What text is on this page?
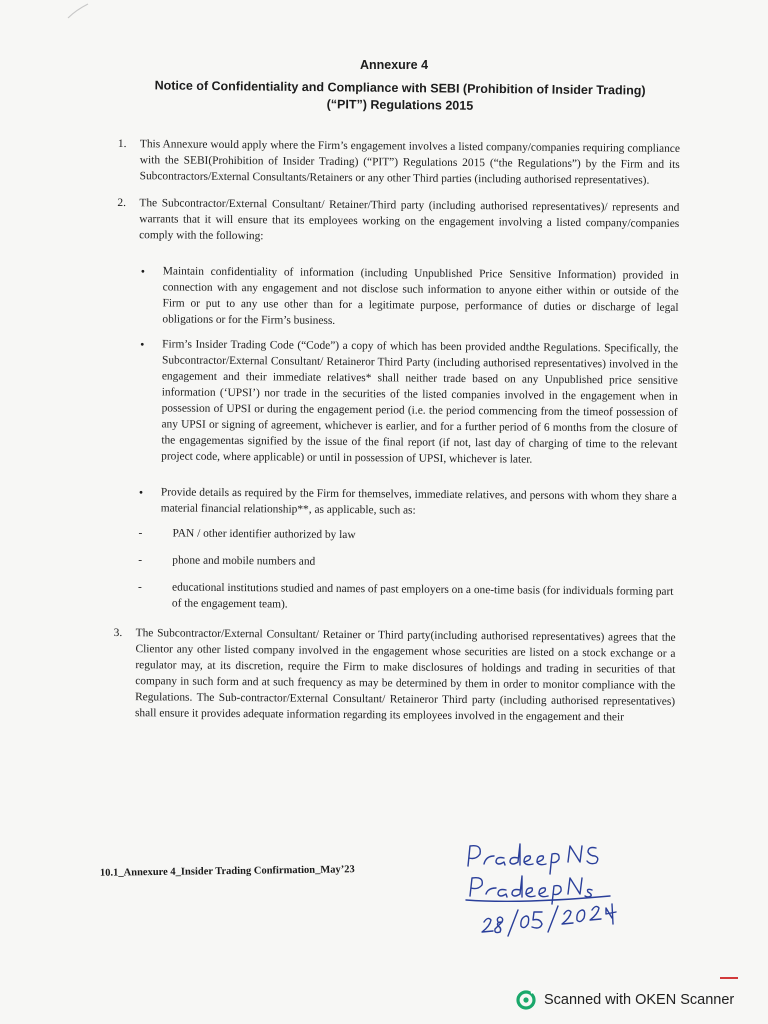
Annexure 4
Notice of Confidentiality and Compliance with SEBI (Prohibition of Insider Trading) (“PIT”) Regulations 2015
1. This Annexure would apply where the Firm’s engagement involves a listed company/companies requiring compliance with the SEBI(Prohibition of Insider Trading) (“PIT”) Regulations 2015 (“the Regulations”) by the Firm and its Subcontractors/External Consultants/Retainers or any other Third parties (including authorised representatives).
2. The Subcontractor/External Consultant/ Retainer/Third party (including authorised representatives)/ represents and warrants that it will ensure that its employees working on the engagement involving a listed company/companies comply with the following:
• Maintain confidentiality of information (including Unpublished Price Sensitive Information) provided in connection with any engagement and not disclose such information to anyone either within or outside of the Firm or put to any use other than for a legitimate purpose, performance of duties or discharge of legal obligations or for the Firm’s business.
• Firm’s Insider Trading Code (“Code”) a copy of which has been provided andthe Regulations. Specifically, the Subcontractor/External Consultant/ Retaineror Third Party (including authorised representatives) involved in the engagement and their immediate relatives* shall neither trade based on any Unpublished price sensitive information (‘UPSI’) nor trade in the securities of the listed companies involved in the engagement when in possession of UPSI or during the engagement period (i.e. the period commencing from the timeof possession of any UPSI or signing of agreement, whichever is earlier, and for a further period of 6 months from the closure of the engagementas signified by the issue of the final report (if not, last day of charging of time to the relevant project code, where applicable) or until in possession of UPSI, whichever is later.
• Provide details as required by the Firm for themselves, immediate relatives, and persons with whom they share a material financial relationship**, as applicable, such as:
-	PAN / other identifier authorized by law
-	phone and mobile numbers and
-	educational institutions studied and names of past employers on a one-time basis (for individuals forming part of the engagement team).
3. The Subcontractor/External Consultant/ Retainer or Third party(including authorised representatives) agrees that the Clientor any other listed company involved in the engagement whose securities are listed on a stock exchange or a regulator may, at its discretion, require the Firm to make disclosures of holdings and trading in securities of that company in such form and at such frequency as may be determined by them in order to monitor compliance with the Regulations. The Sub-contractor/External Consultant/ Retaineror Third party (including authorised representatives) shall ensure it provides adequate information regarding its employees involved in the engagement and their
10.1_Annexure 4_Insider Trading Confirmation_May’23
Scanned with OKEN Scanner
